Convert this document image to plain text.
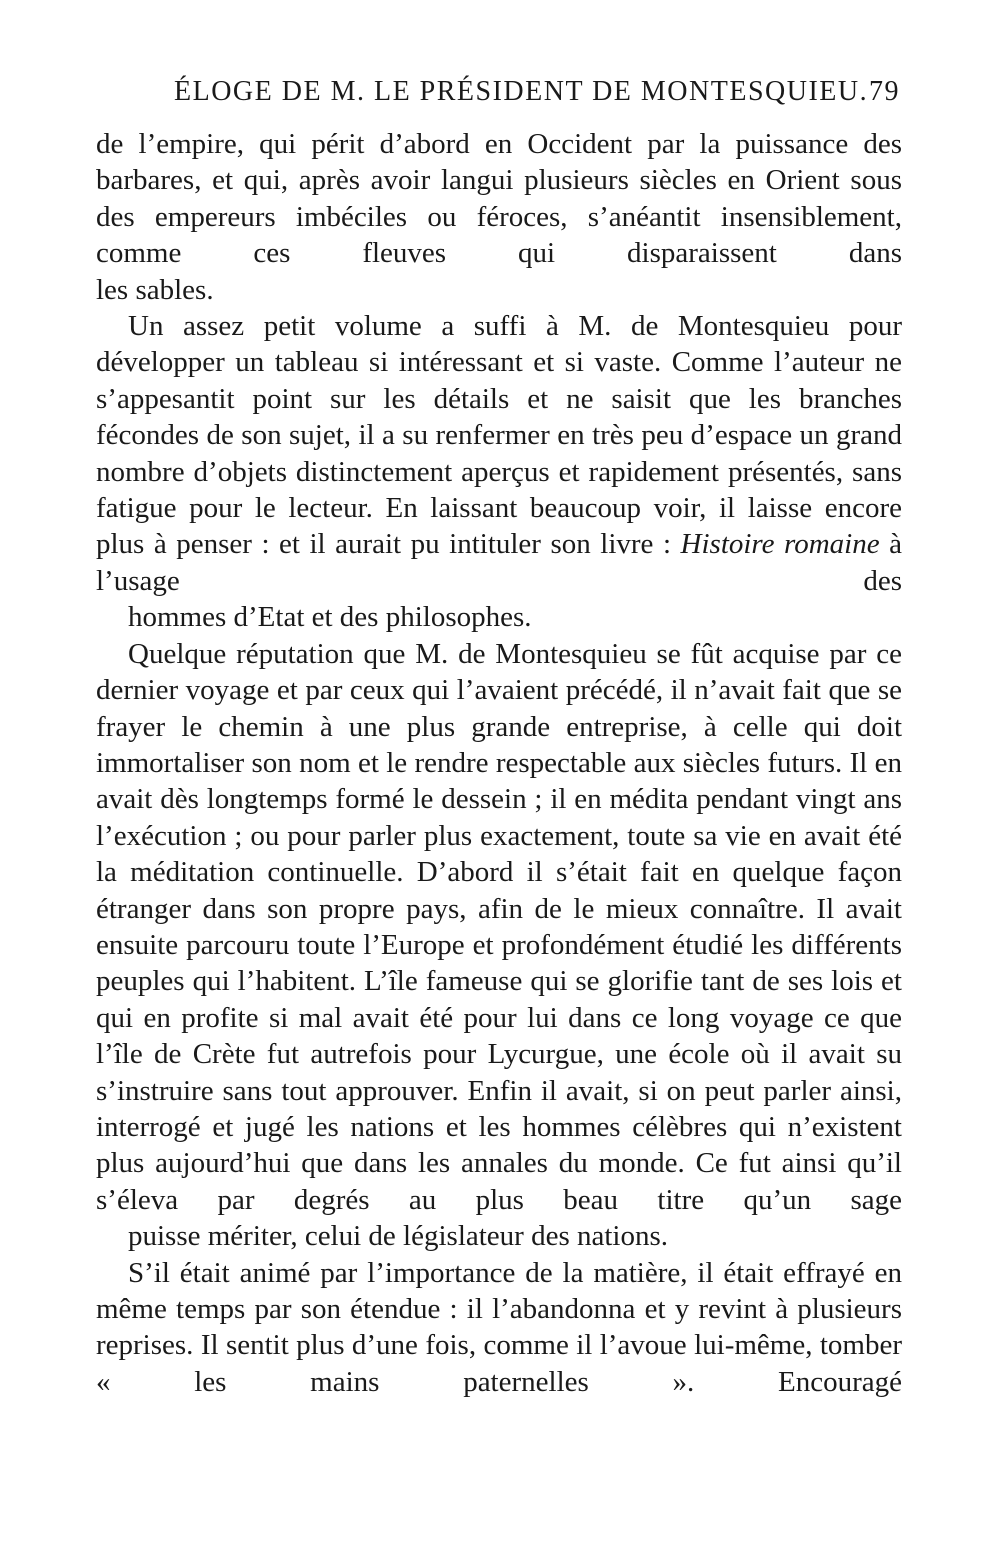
ÉLOGE DE M. LE PRÉSIDENT DE MONTESQUIEU. 79

de l’empire, qui périt d’abord en Occident par la puissance des barbares, et qui, après avoir langui plusieurs siècles en Orient sous des empereurs imbéciles ou féroces, s’anéantit insensiblement, comme ces fleuves qui disparaissent dans
les sables.

Un assez petit volume a suffi à M. de Montesquieu pour développer un tableau si intéressant et si vaste. Comme l’auteur ne s’appesantit point sur les détails et ne saisit que les branches fécondes de son sujet, il a su renfermer en très peu d’espace un grand nombre d’objets distinctement aperçus et rapidement présentés, sans fatigue pour le lecteur. En laissant beaucoup voir, il laisse encore plus à penser : et il aurait pu intituler son livre : Histoire romaine à l’usage des
hommes d’Etat et des philosophes.

Quelque réputation que M. de Montesquieu se fût acquise par ce dernier voyage et par ceux qui l’avaient précédé, il n’avait fait que se frayer le chemin à une plus grande entreprise, à celle qui doit immortaliser son nom et le rendre respectable aux siècles futurs. Il en avait dès longtemps formé le dessein ; il en médita pendant vingt ans l’exécution ; ou pour parler plus exactement, toute sa vie en avait été la méditation continuelle. D’abord il s’était fait en quelque façon étranger dans son propre pays, afin de le mieux connaître. Il avait ensuite parcouru toute l’Europe et profondément étudié les différents peuples qui l’habitent. L’île fameuse qui se glorifie tant de ses lois et qui en profite si mal avait été pour lui dans ce long voyage ce que l’île de Crète fut autrefois pour Lycurgue, une école où il avait su s’instruire sans tout approuver. Enfin il avait, si on peut parler ainsi, interrogé et jugé les nations et les hommes célèbres qui n’existent plus aujourd’hui que dans les annales du monde. Ce fut ainsi qu’il s’éleva par degrés au plus beau titre qu’un sage
puisse mériter, celui de législateur des nations.

S’il était animé par l’importance de la matière, il était effrayé en même temps par son étendue : il l’abandonna et y revint à plusieurs reprises. Il sentit plus d’une fois, comme il l’avoue lui-même, tomber « les mains paternelles ». Encouragé
